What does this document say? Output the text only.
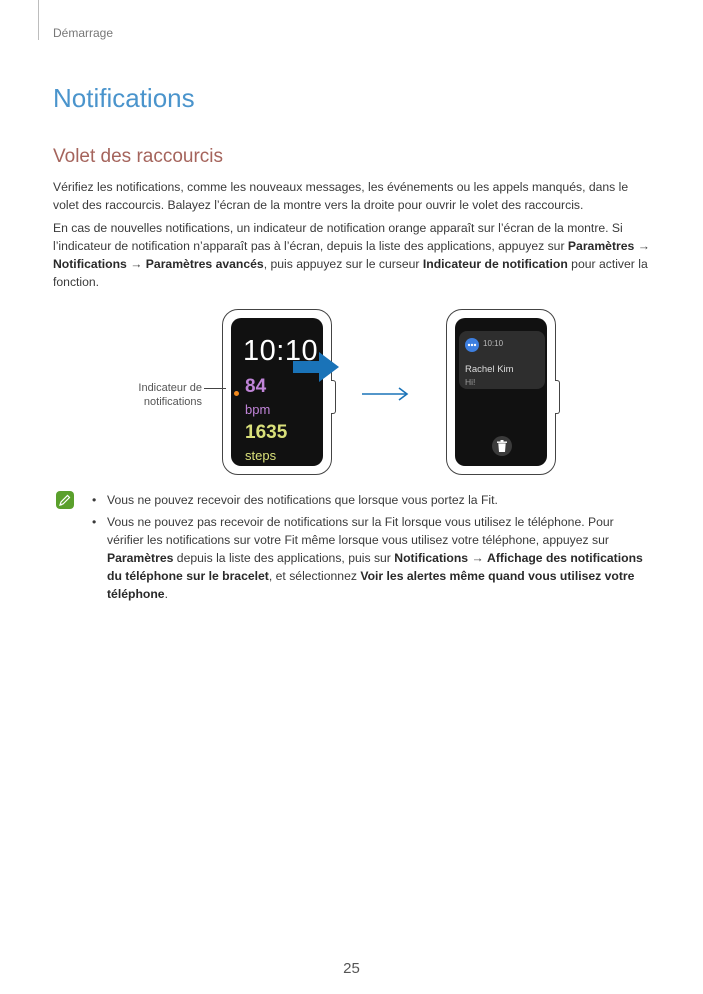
Démarrage
Notifications
Volet des raccourcis

Vérifiez les notifications, comme les nouveaux messages, les événements ou les appels manqués, dans le volet des raccourcis. Balayez l’écran de la montre vers la droite pour ouvrir le volet des raccourcis.

En cas de nouvelles notifications, un indicateur de notification orange apparaît sur l’écran de la montre. Si l’indicateur de notification n’apparaît pas à l’écran, depuis la liste des applications, appuyez sur Paramètres → Notifications → Paramètres avancés, puis appuyez sur le curseur Indicateur de notification pour activer la fonction.

10:10
84
bpm
1635
steps
Indicateur de notifications
10:10
Rachel Kim
Hi!
• Vous ne pouvez recevoir des notifications que lorsque vous portez la Fit.
• Vous ne pouvez pas recevoir de notifications sur la Fit lorsque vous utilisez le téléphone. Pour vérifier les notifications sur votre Fit même lorsque vous utilisez votre téléphone, appuyez sur Paramètres depuis la liste des applications, puis sur Notifications → Affichage des notifications du téléphone sur le bracelet, et sélectionnez Voir les alertes même quand vous utilisez votre téléphone.
25
